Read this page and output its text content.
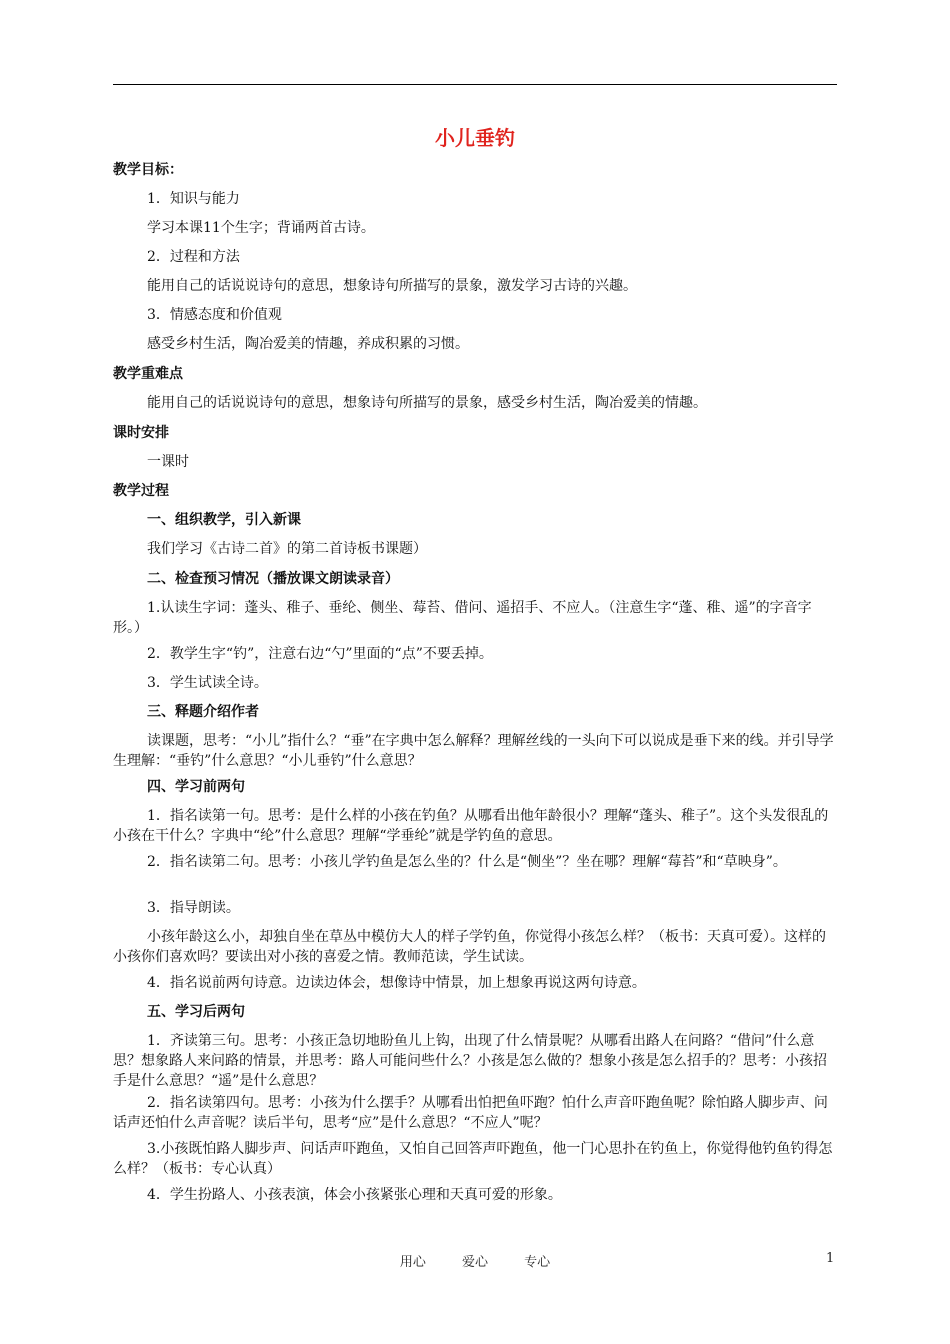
小儿垂钓

教学目标：

1．知识与能力

学习本课11个生字；背诵两首古诗。

2．过程和方法

能用自己的话说说诗句的意思，想象诗句所描写的景象，激发学习古诗的兴趣。

3．情感态度和价值观

感受乡村生活，陶冶爱美的情趣，养成积累的习惯。

教学重难点

能用自己的话说说诗句的意思，想象诗句所描写的景象，感受乡村生活，陶冶爱美的情趣。

课时安排

一课时

教学过程

一、组织教学，引入新课

我们学习《古诗二首》的第二首诗板书课题）

二、检查预习情况（播放课文朗读录音）

1.认读生字词：蓬头、稚子、垂纶、侧坐、莓苔、借问、遥招手、不应人。（注意生字“蓬、稚、遥”的字音字形。）

2．教学生字“钓”，注意右边“勺”里面的“点”不要丢掉。

3．学生试读全诗。

三、释题介绍作者

读课题，思考：“小儿”指什么？“垂”在字典中怎么解释？理解丝线的一头向下可以说成是垂下来的线。并引导学生理解：“垂钓”什么意思？“小儿垂钓”什么意思？

四、学习前两句

1．指名读第一句。思考：是什么样的小孩在钓鱼？从哪看出他年龄很小？理解“蓬头、稚子”。这个头发很乱的小孩在干什么？字典中“纶”什么意思？理解“学垂纶”就是学钓鱼的意思。

2．指名读第二句。思考：小孩儿学钓鱼是怎么坐的？什么是“侧坐”？坐在哪？理解“莓苔”和“草映身”。

3．指导朗读。

小孩年龄这么小，却独自坐在草丛中模仿大人的样子学钓鱼，你觉得小孩怎么样？（板书：天真可爱）。这样的小孩你们喜欢吗？要读出对小孩的喜爱之情。教师范读，学生试读。

4．指名说前两句诗意。边读边体会，想像诗中情景，加上想象再说这两句诗意。

五、学习后两句

1．齐读第三句。思考：小孩正急切地盼鱼儿上钩，出现了什么情景呢？从哪看出路人在问路？“借问”什么意思？想象路人来问路的情景，并思考：路人可能问些什么？小孩是怎么做的？想象小孩是怎么招手的？思考：小孩招手是什么意思？“遥”是什么意思？

2．指名读第四句。思考：小孩为什么摆手？从哪看出怕把鱼吓跑？怕什么声音吓跑鱼呢？除怕路人脚步声、问话声还怕什么声音呢？读后半句，思考“应”是什么意思？“不应人”呢？

3.小孩既怕路人脚步声、问话声吓跑鱼，又怕自己回答声吓跑鱼，他一门心思扑在钓鱼上，你觉得他钓鱼钓得怎么样？（板书：专心认真）

4．学生扮路人、小孩表演，体会小孩紧张心理和天真可爱的形象。

用心	爱心	专心	1
